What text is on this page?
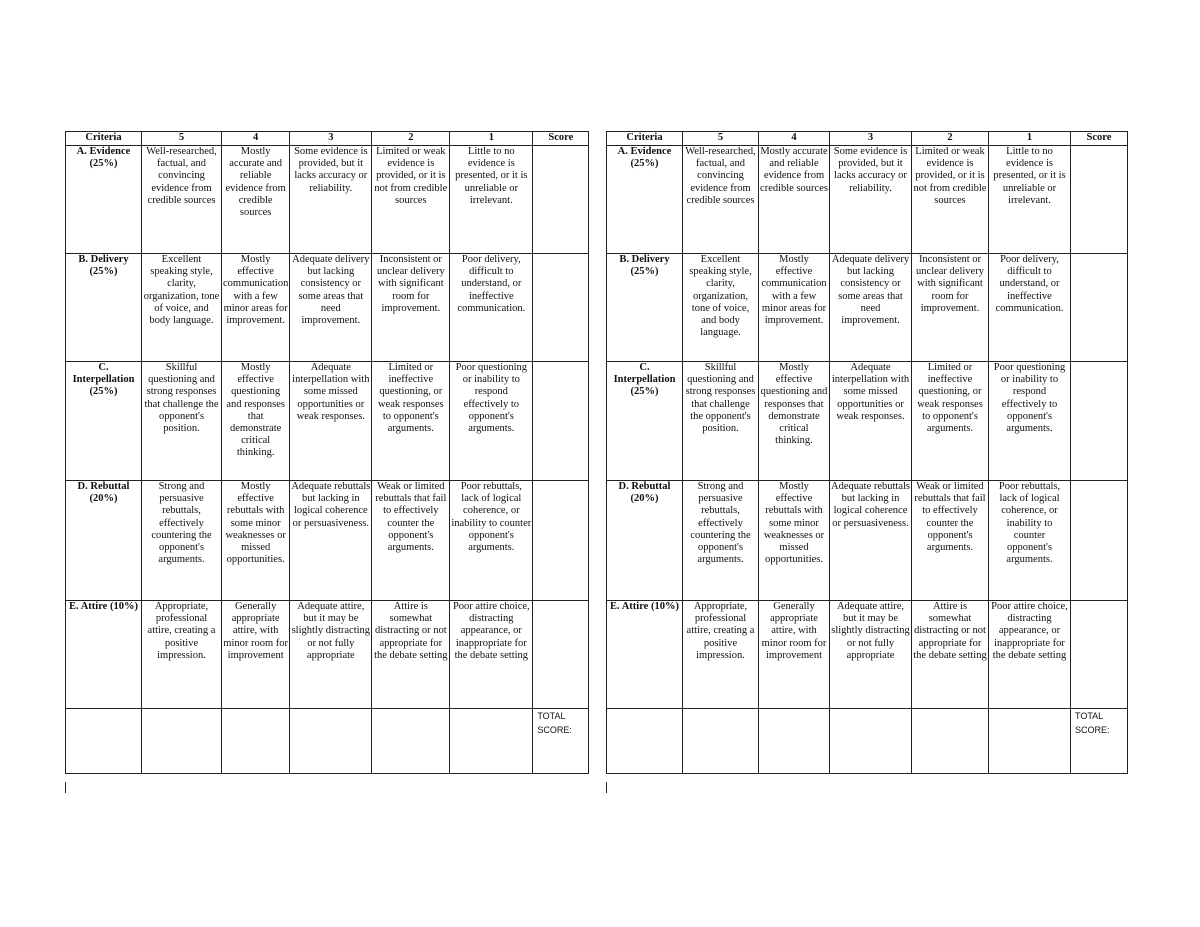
Criteria	5	4	3	2	1	Score
A. Evidence (25%)	Well-researched, factual, and convincing evidence from credible sources	Mostly accurate and reliable evidence from credible sources	Some evidence is provided, but it lacks accuracy or reliability.	Limited or weak evidence is provided, or it is not from credible sources	Little to no evidence is presented, or it is unreliable or irrelevant.	
B. Delivery (25%)	Excellent speaking style, clarity, organization, tone of voice, and body language.	Mostly effective communication with a few minor areas for improvement.	Adequate delivery but lacking consistency or some areas that need improvement.	Inconsistent or unclear delivery with significant room for improvement.	Poor delivery, difficult to understand, or ineffective communication.	
C. Interpellation (25%)	Skillful questioning and strong responses that challenge the opponent's position.	Mostly effective questioning and responses that demonstrate critical thinking.	Adequate interpellation with some missed opportunities or weak responses.	Limited or ineffective questioning, or weak responses to opponent's arguments.	Poor questioning or inability to respond effectively to opponent's arguments.	
D. Rebuttal (20%)	Strong and persuasive rebuttals, effectively countering the opponent's arguments.	Mostly effective rebuttals with some minor weaknesses or missed opportunities.	Adequate rebuttals but lacking in logical coherence or persuasiveness.	Weak or limited rebuttals that fail to effectively counter the opponent's arguments.	Poor rebuttals, lack of logical coherence, or inability to counter opponent's arguments.	
E. Attire (10%)	Appropriate, professional attire, creating a positive impression.	Generally appropriate attire, with minor room for improvement	Adequate attire, but it may be slightly distracting or not fully appropriate	Attire is somewhat distracting or not appropriate for the debate setting	Poor attire choice, distracting appearance, or inappropriate for the debate setting	
						TOTAL SCORE:
Criteria	5	4	3	2	1	Score
A. Evidence (25%)	Well-researched, factual, and convincing evidence from credible sources	Mostly accurate and reliable evidence from credible sources	Some evidence is provided, but it lacks accuracy or reliability.	Limited or weak evidence is provided, or it is not from credible sources	Little to no evidence is presented, or it is unreliable or irrelevant.	
B. Delivery (25%)	Excellent speaking style, clarity, organization, tone of voice, and body language.	Mostly effective communication with a few minor areas for improvement.	Adequate delivery but lacking consistency or some areas that need improvement.	Inconsistent or unclear delivery with significant room for improvement.	Poor delivery, difficult to understand, or ineffective communication.	
C. Interpellation (25%)	Skillful questioning and strong responses that challenge the opponent's position.	Mostly effective questioning and responses that demonstrate critical thinking.	Adequate interpellation with some missed opportunities or weak responses.	Limited or ineffective questioning, or weak responses to opponent's arguments.	Poor questioning or inability to respond effectively to opponent's arguments.	
D. Rebuttal (20%)	Strong and persuasive rebuttals, effectively countering the opponent's arguments.	Mostly effective rebuttals with some minor weaknesses or missed opportunities.	Adequate rebuttals but lacking in logical coherence or persuasiveness.	Weak or limited rebuttals that fail to effectively counter the opponent's arguments.	Poor rebuttals, lack of logical coherence, or inability to counter opponent's arguments.	
E. Attire (10%)	Appropriate, professional attire, creating a positive impression.	Generally appropriate attire, with minor room for improvement	Adequate attire, but it may be slightly distracting or not fully appropriate	Attire is somewhat distracting or not appropriate for the debate setting	Poor attire choice, distracting appearance, or inappropriate for the debate setting	
						TOTAL SCORE:
